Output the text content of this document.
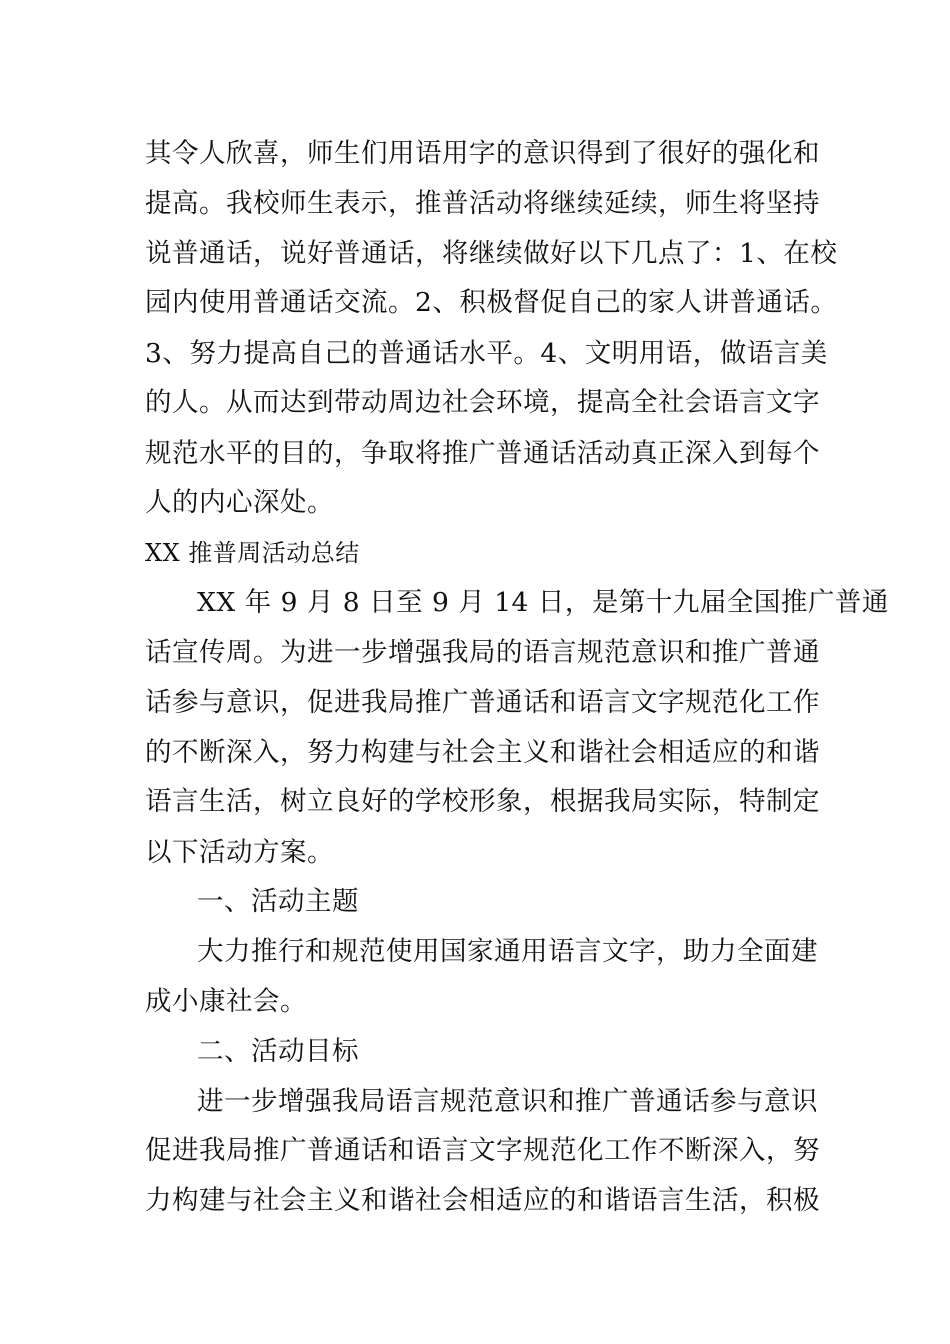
其令人欣喜，师生们用语用字的意识得到了很好的强化和
提高。我校师生表示，推普活动将继续延续，师生将坚持
说普通话，说好普通话，将继续做好以下几点了：1、在校
园内使用普通话交流。2、积极督促自己的家人讲普通话。
3、努力提高自己的普通话水平。4、文明用语，做语言美
的人。从而达到带动周边社会环境，提高全社会语言文字
规范水平的目的，争取将推广普通话活动真正深入到每个
人的内心深处。
XX 推普周活动总结
XX 年 9 月 8 日至 9 月 14 日，是第十九届全国推广普通
话宣传周。为进一步增强我局的语言规范意识和推广普通
话参与意识，促进我局推广普通话和语言文字规范化工作
的不断深入，努力构建与社会主义和谐社会相适应的和谐
语言生活，树立良好的学校形象，根据我局实际，特制定
以下活动方案。
一、活动主题
大力推行和规范使用国家通用语言文字，助力全面建
成小康社会。
二、活动目标
进一步增强我局语言规范意识和推广普通话参与意识
促进我局推广普通话和语言文字规范化工作不断深入，努
力构建与社会主义和谐社会相适应的和谐语言生活，积极
